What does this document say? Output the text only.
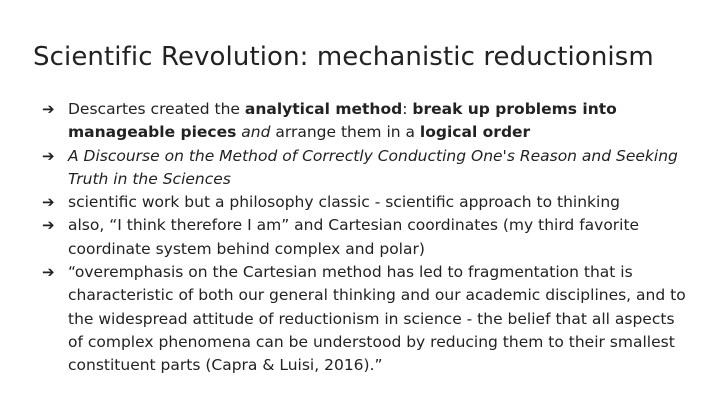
Scientific Revolution: mechanistic reductionism
➔ Descartes created the analytical method: break up problems into manageable pieces and arrange them in a logical order
➔ A Discourse on the Method of Correctly Conducting One's Reason and Seeking Truth in the Sciences
➔ scientific work but a philosophy classic - scientific approach to thinking
➔ also, “I think therefore I am” and Cartesian coordinates (my third favorite coordinate system behind complex and polar)
➔ “overemphasis on the Cartesian method has led to fragmentation that is characteristic of both our general thinking and our academic disciplines, and to the widespread attitude of reductionism in science - the belief that all aspects of complex phenomena can be understood by reducing them to their smallest constituent parts (Capra & Luisi, 2016).”
